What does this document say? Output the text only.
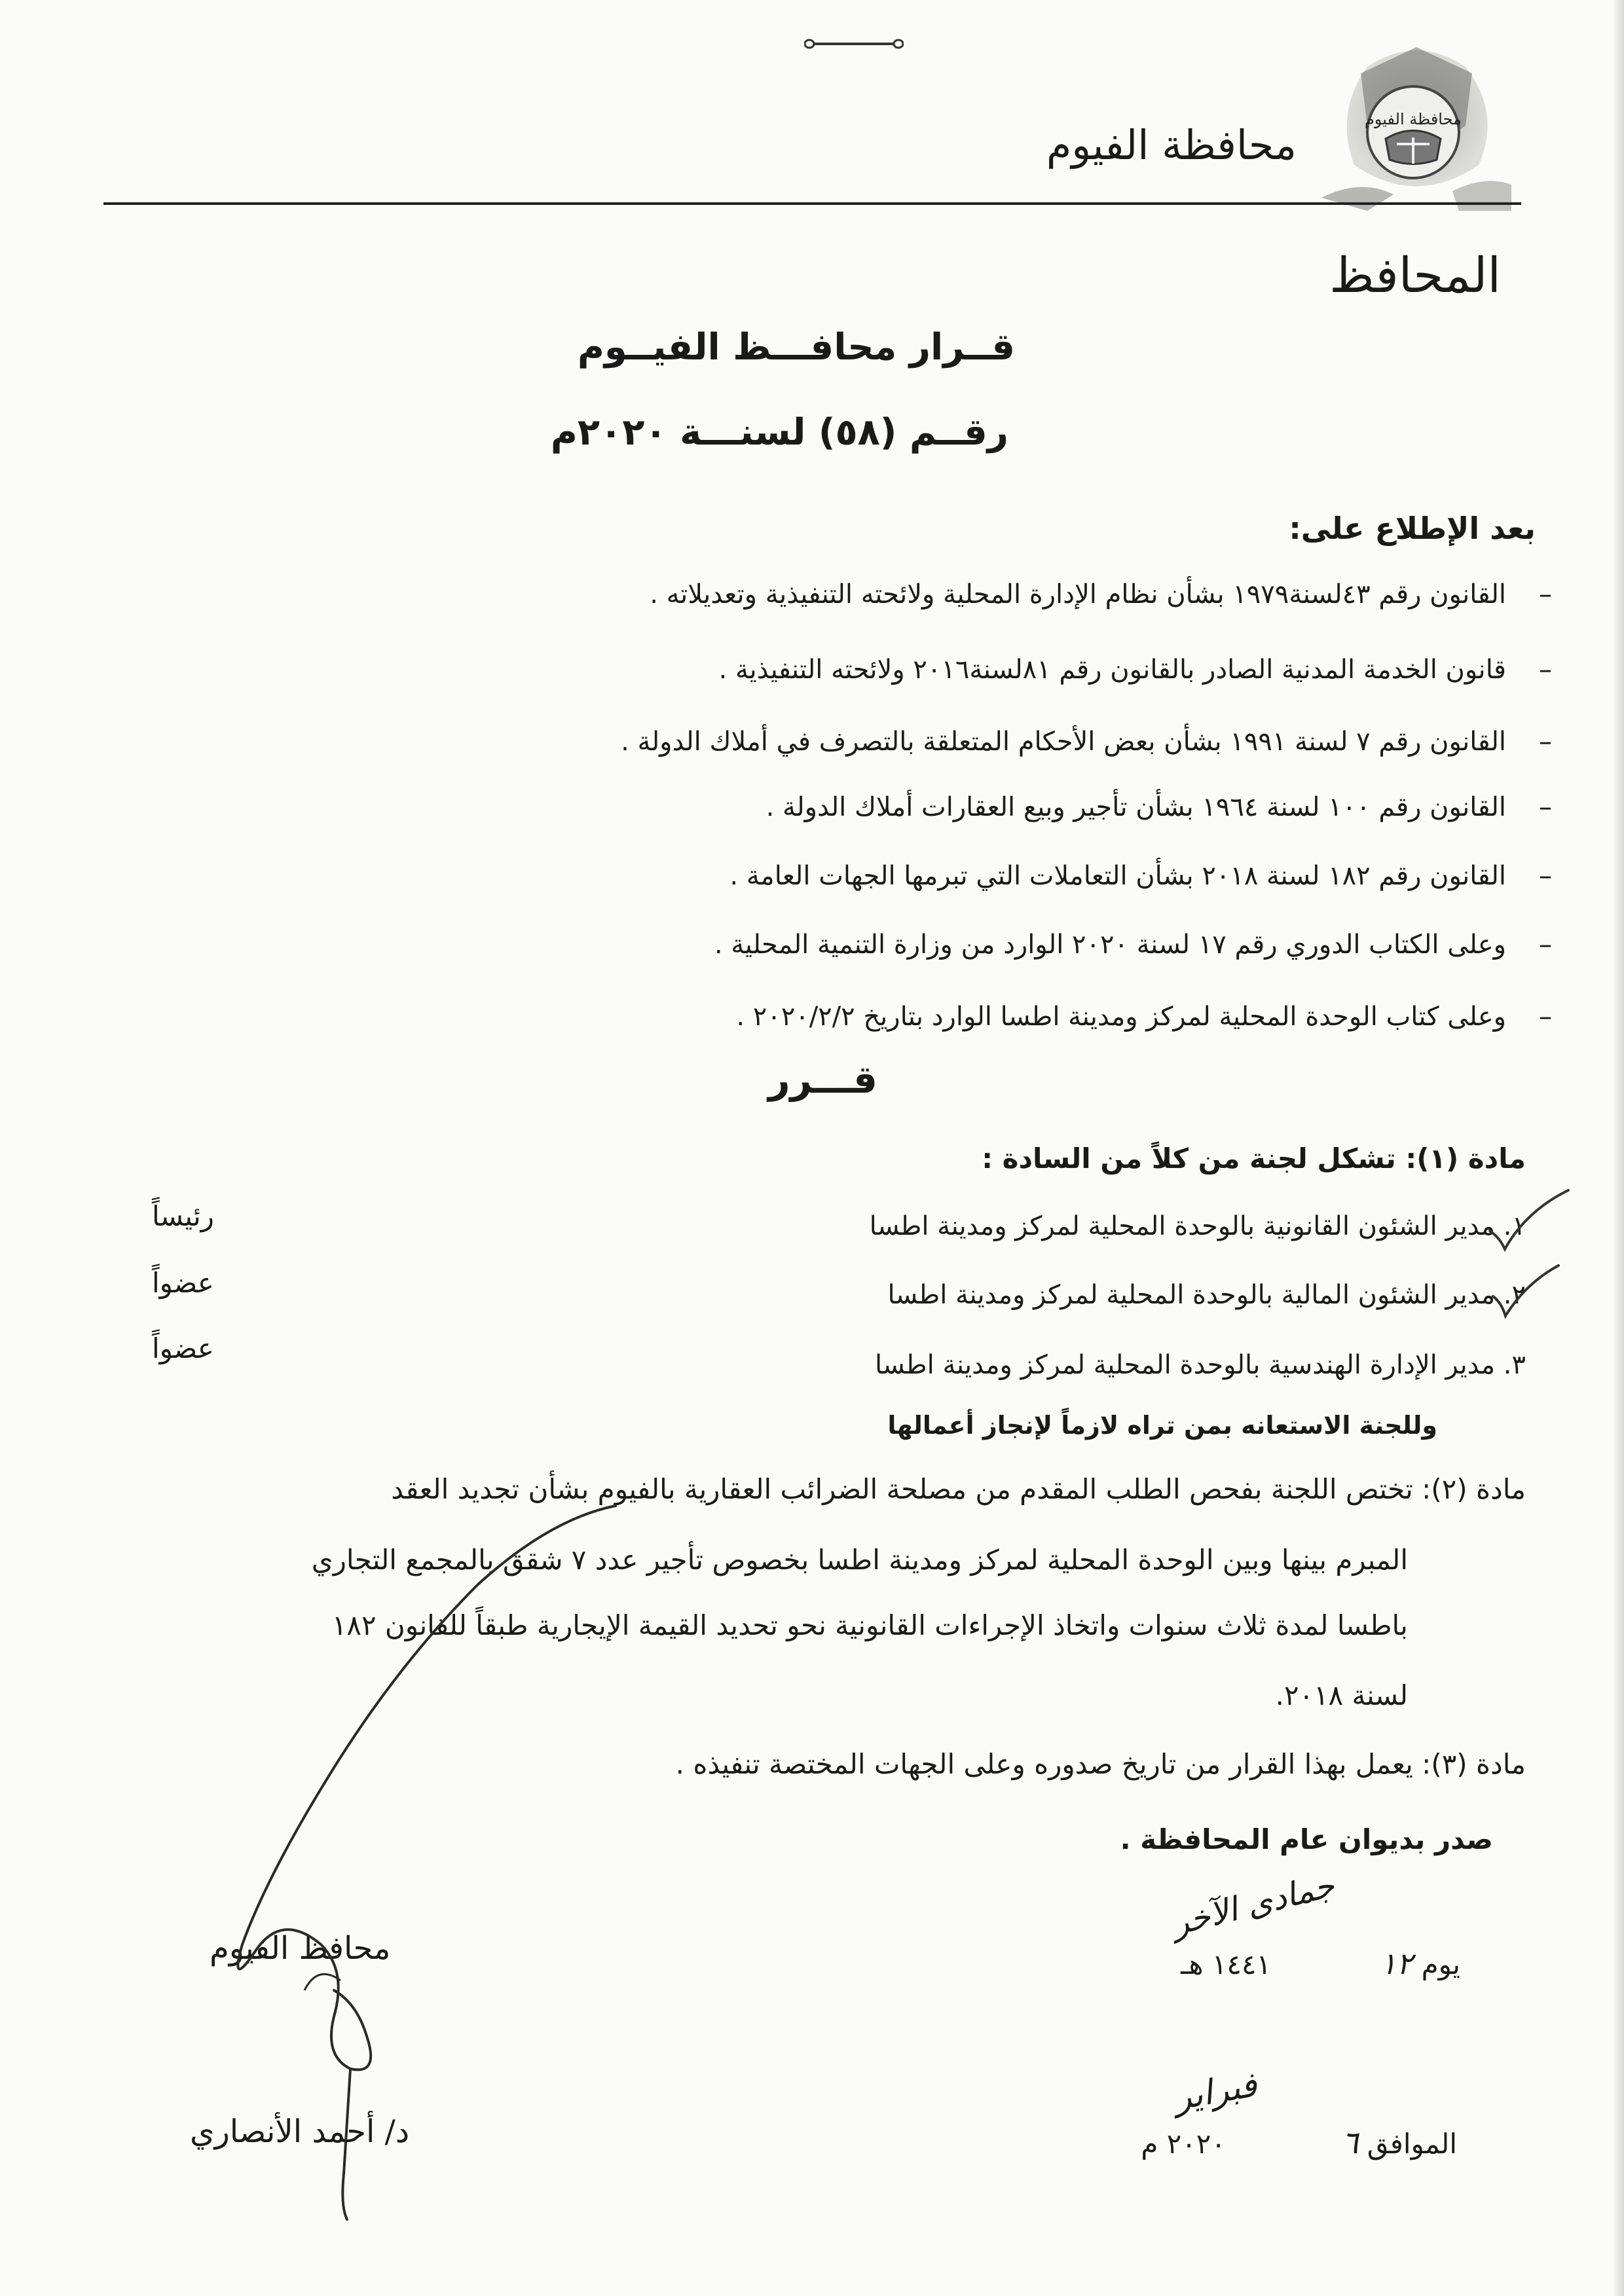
محافظة الفيوم
محافظة الفيوم
المحافظ
قــرار محافـــظ الفيــوم
رقــم (٥٨) لسنـــة ٢٠٢٠م
بعد الإطلاع على:
–
القانون رقم ٤٣لسنة١٩٧٩ بشأن نظام الإدارة المحلية ولائحته التنفيذية وتعديلاته .
–
قانون الخدمة المدنية الصادر بالقانون رقم ٨١لسنة٢٠١٦ ولائحته التنفيذية .
–
القانون رقم ٧ لسنة ١٩٩١ بشأن بعض الأحكام المتعلقة بالتصرف في أملاك الدولة .
–
القانون رقم ١٠٠ لسنة ١٩٦٤ بشأن تأجير وبيع العقارات أملاك الدولة .
–
القانون رقم ١٨٢ لسنة ٢٠١٨ بشأن التعاملات التي تبرمها الجهات العامة .
–
وعلى الكتاب الدوري رقم ١٧ لسنة ٢٠٢٠ الوارد من وزارة التنمية المحلية .
–
وعلى كتاب الوحدة المحلية لمركز ومدينة اطسا الوارد بتاريخ ٢٠٢٠/٢/٢ .
قـــرر
مادة (١): تشكل لجنة من كلاً من السادة :
١. مدير الشئون القانونية بالوحدة المحلية لمركز ومدينة اطسا
رئيساً
٢. مدير الشئون المالية بالوحدة المحلية لمركز ومدينة اطسا
عضواً
٣. مدير الإدارة الهندسية بالوحدة المحلية لمركز ومدينة اطسا
عضواً
وللجنة الاستعانه بمن تراه لازماً لإنجاز أعمالها
مادة (٢): تختص اللجنة بفحص الطلب المقدم من مصلحة الضرائب العقارية بالفيوم بشأن تجديد العقد
المبرم بينها وبين الوحدة المحلية لمركز ومدينة اطسا بخصوص تأجير عدد ٧ شقق بالمجمع التجاري
باطسا لمدة ثلاث سنوات واتخاذ الإجراءات القانونية نحو تحديد القيمة الإيجارية طبقاً للقانون ١٨٢
لسنة ٢٠١٨.
مادة (٣): يعمل بهذا القرار من تاريخ صدوره وعلى الجهات المختصة تنفيذه .
صدر بديوان عام المحافظة .
يوم ١٢  ١٤٤١ هـ
جمادى الآخر
الموافق ٦  ٢٠٢٠ م
فبراير
محافظ الفيوم
د/ أحمد الأنصاري
